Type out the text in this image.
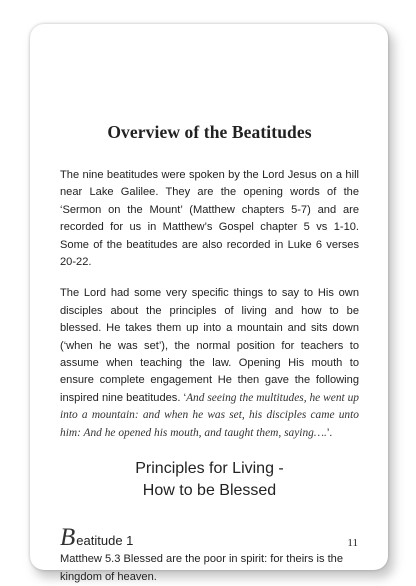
Overview of the Beatitudes

The nine beatitudes were spoken by the Lord Jesus on a hill near Lake Galilee. They are the opening words of the ‘Sermon on the Mount’ (Matthew chapters 5-7) and are recorded for us in Matthew’s Gospel chapter 5 vs 1-10. Some of the beatitudes are also recorded in Luke 6 verses 20-22.

The Lord had some very specific things to say to His own disciples about the principles of living and how to be blessed. He takes them up into a mountain and sits down (‘when he was set’), the normal position for teachers to assume when teaching the law. Opening His mouth to ensure complete engagement He then gave the following inspired nine beatitudes. ‘And seeing the multitudes, he went up into a mountain: and when he was set, his disciples came unto him: And he opened his mouth, and taught them, saying….’.

Principles for Living -
How to be Blessed
Beatitude 1

Matthew 5.3 Blessed are the poor in spirit: for theirs is the kingdom of heaven.

11
